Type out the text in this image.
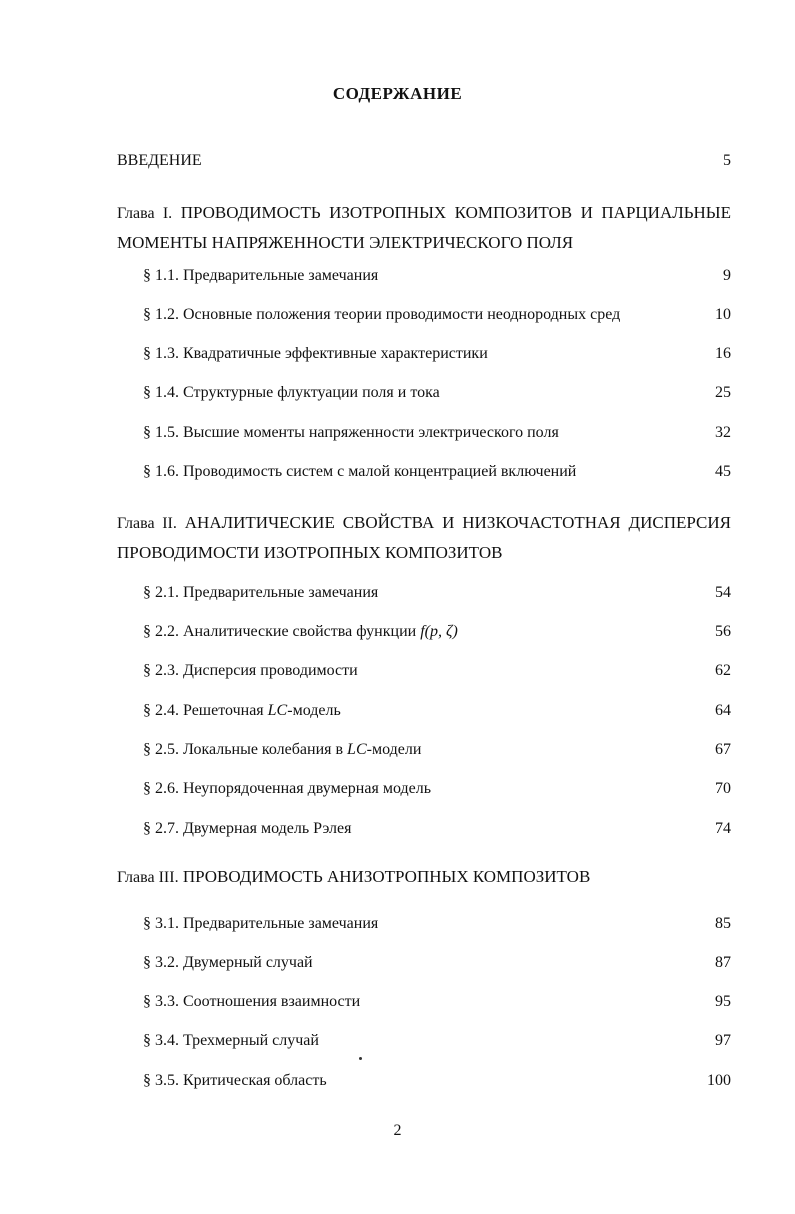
СОДЕРЖАНИЕ
ВВЕДЕНИЕ	5
Глава I. ПРОВОДИМОСТЬ ИЗОТРОПНЫХ КОМПОЗИТОВ И ПАРЦИАЛЬНЫЕ МОМЕНТЫ НАПРЯЖЕННОСТИ ЭЛЕКТРИЧЕСКОГО ПОЛЯ
§ 1.1. Предварительные замечания	9
§ 1.2. Основные положения теории проводимости неоднородных сред	10
§ 1.3. Квадратичные эффективные характеристики	16
§ 1.4. Структурные флуктуации поля и тока	25
§ 1.5. Высшие моменты напряженности электрического поля	32
§ 1.6. Проводимость систем с малой концентрацией включений	45
Глава II. АНАЛИТИЧЕСКИЕ СВОЙСТВА И НИЗКОЧАСТОТНАЯ ДИСПЕРСИЯ ПРОВОДИМОСТИ ИЗОТРОПНЫХ КОМПОЗИТОВ
§ 2.1. Предварительные замечания	54
§ 2.2. Аналитические свойства функции f(p, ζ)	56
§ 2.3. Дисперсия проводимости	62
§ 2.4. Решеточная LC-модель	64
§ 2.5. Локальные колебания в LC-модели	67
§ 2.6. Неупорядоченная двумерная модель	70
§ 2.7. Двумерная модель Рэлея	74
Глава III. ПРОВОДИМОСТЬ АНИЗОТРОПНЫХ КОМПОЗИТОВ
§ 3.1. Предварительные замечания	85
§ 3.2. Двумерный случай	87
§ 3.3. Соотношения взаимности	95
§ 3.4. Трехмерный случай	97
§ 3.5. Критическая область	100
2
